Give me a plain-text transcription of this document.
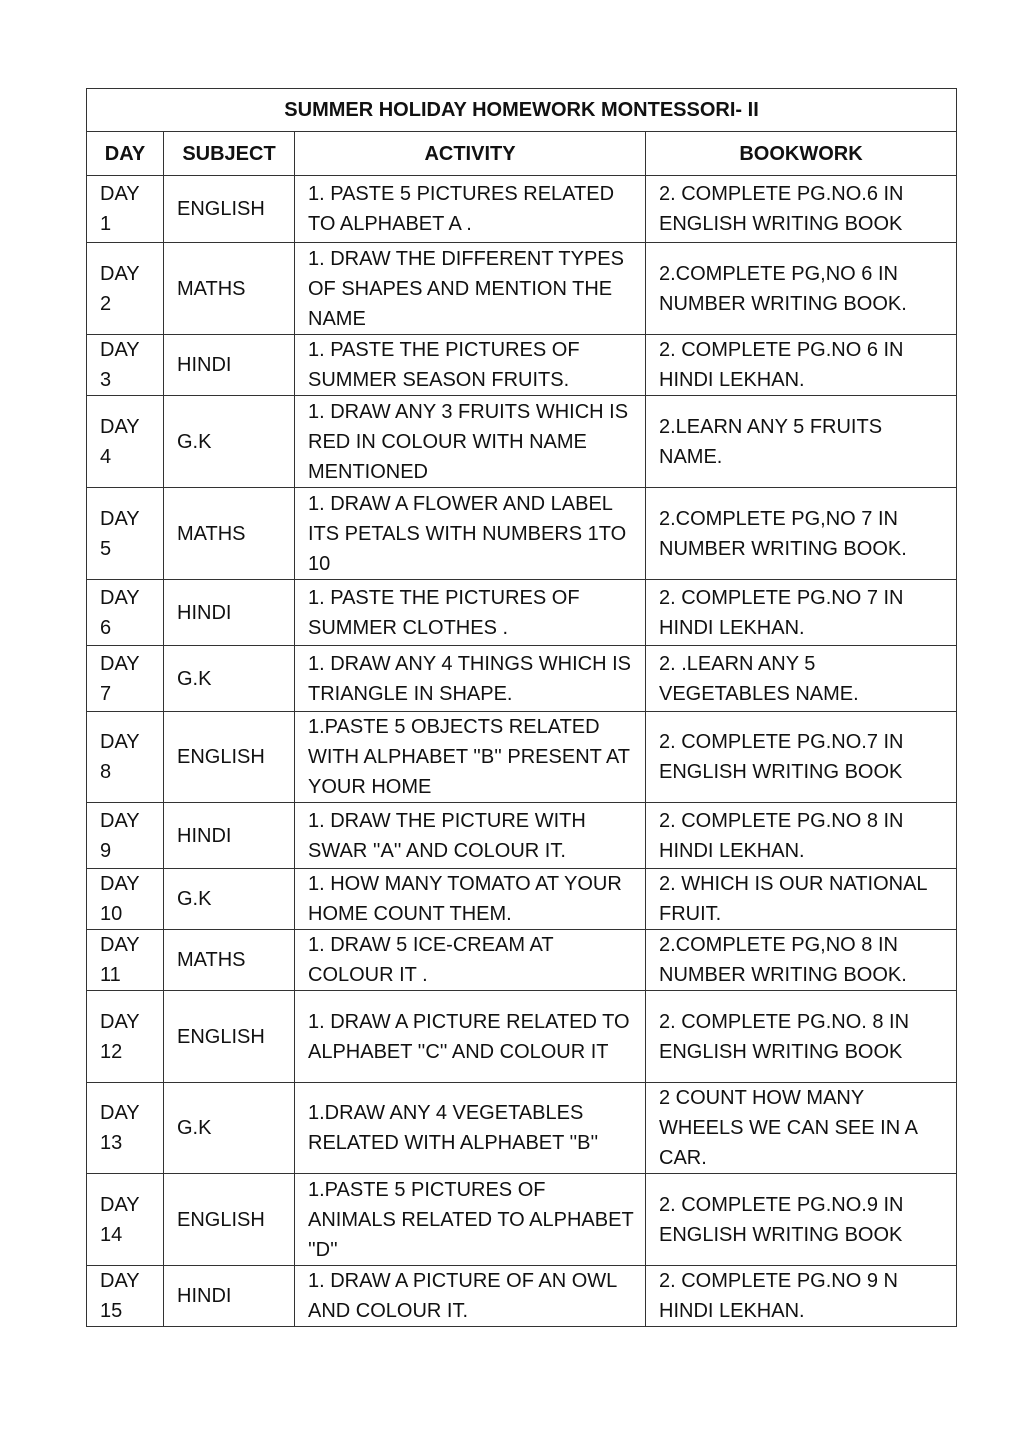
SUMMER HOLIDAY HOMEWORK MONTESSORI- II			
DAY	SUBJECT	ACTIVITY	BOOKWORK
DAY 1	ENGLISH	1. PASTE 5 PICTURES RELATED TO ALPHABET A .	2. COMPLETE PG.NO.6 IN ENGLISH WRITING BOOK
DAY 2	MATHS	1. DRAW THE DIFFERENT TYPES OF SHAPES AND MENTION THE NAME	2.COMPLETE PG,NO 6 IN NUMBER WRITING BOOK.
DAY 3	HINDI	1. PASTE THE PICTURES OF SUMMER SEASON FRUITS.	2. COMPLETE PG.NO 6 IN HINDI LEKHAN.
DAY 4	G.K	1. DRAW ANY 3 FRUITS WHICH IS RED IN COLOUR WITH NAME MENTIONED	2.LEARN ANY 5 FRUITS NAME.
DAY 5	MATHS	1. DRAW A FLOWER AND LABEL ITS PETALS WITH NUMBERS 1TO 10	2.COMPLETE PG,NO 7 IN NUMBER WRITING BOOK.
DAY 6	HINDI	1. PASTE THE PICTURES OF SUMMER CLOTHES .	2. COMPLETE PG.NO 7 IN HINDI LEKHAN.
DAY 7	G.K	1. DRAW ANY 4 THINGS WHICH IS TRIANGLE IN SHAPE.	2. .LEARN ANY 5 VEGETABLES NAME.
DAY 8	ENGLISH	1.PASTE 5 OBJECTS RELATED WITH ALPHABET ''B'' PRESENT AT YOUR HOME	2. COMPLETE PG.NO.7 IN ENGLISH WRITING BOOK
DAY 9	HINDI	1. DRAW THE PICTURE WITH SWAR ''A'' AND COLOUR IT.	2. COMPLETE PG.NO 8 IN HINDI LEKHAN.
DAY 10	G.K	1. HOW MANY TOMATO AT YOUR HOME COUNT THEM.	2. WHICH IS OUR NATIONAL FRUIT.
DAY 11	MATHS	1. DRAW 5 ICE-CREAM AT COLOUR IT .	2.COMPLETE PG,NO 8 IN NUMBER WRITING BOOK.
DAY 12	ENGLISH	1. DRAW A PICTURE RELATED TO ALPHABET ''C'' AND COLOUR IT	2. COMPLETE PG.NO. 8 IN ENGLISH WRITING BOOK
DAY 13	G.K	1.DRAW ANY 4 VEGETABLES RELATED WITH ALPHABET ''B''	2 COUNT HOW MANY WHEELS WE CAN SEE IN A CAR.
DAY 14	ENGLISH	1.PASTE 5 PICTURES OF ANIMALS RELATED TO ALPHABET ''D''	2. COMPLETE PG.NO.9 IN ENGLISH WRITING BOOK
DAY 15	HINDI	1. DRAW A PICTURE OF AN OWL AND COLOUR IT.	2. COMPLETE PG.NO 9 N HINDI LEKHAN.
